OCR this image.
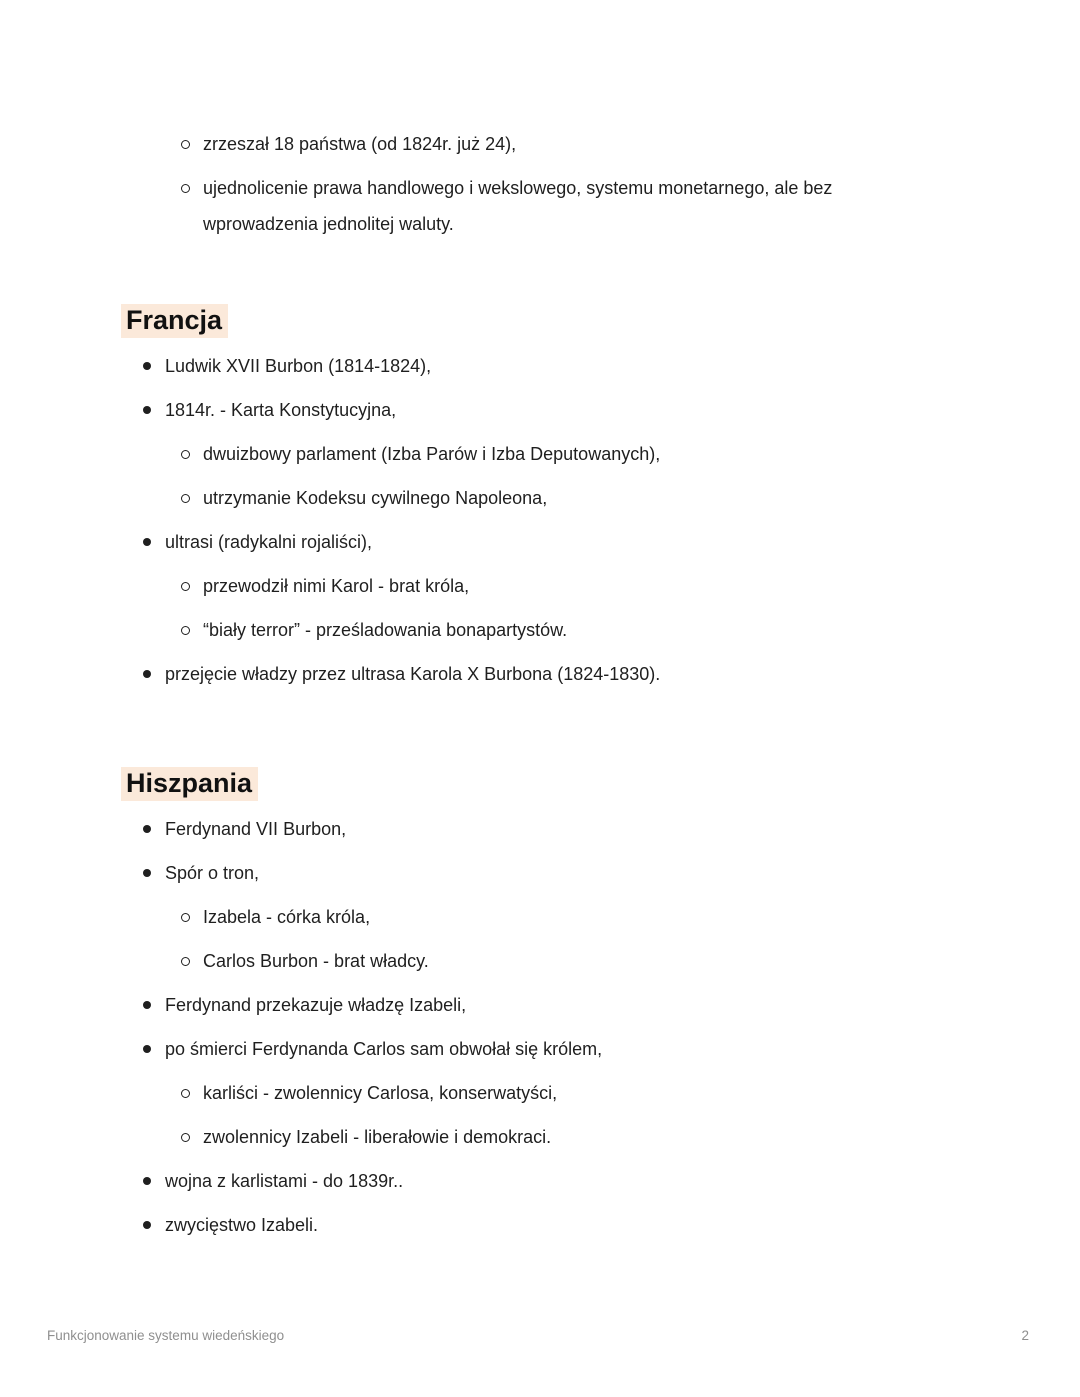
zrzeszał 18 państwa (od 1824r. już 24),
ujednolicenie prawa handlowego i wekslowego, systemu monetarnego, ale bez wprowadzenia jednolitej waluty.
Francja
Ludwik XVII Burbon (1814-1824),
1814r. - Karta Konstytucyjna,
dwuizbowy parlament (Izba Parów i Izba Deputowanych),
utrzymanie Kodeksu cywilnego Napoleona,
ultrasi (radykalni rojaliści),
przewodził nimi Karol - brat króla,
“biały terror” - prześladowania bonapartystów.
przejęcie władzy przez ultrasa Karola X Burbona (1824-1830).
Hiszpania
Ferdynand VII Burbon,
Spór o tron,
Izabela - córka króla,
Carlos Burbon - brat władcy.
Ferdynand przekazuje władzę Izabeli,
po śmierci Ferdynanda Carlos sam obwołał się królem,
karliści - zwolennicy Carlosa, konserwatyści,
zwolennicy Izabeli - liberałowie i demokraci.
wojna z karlistami - do 1839r..
zwycięstwo Izabeli.
Funkcjonowanie systemu wiedeńskiego	2
